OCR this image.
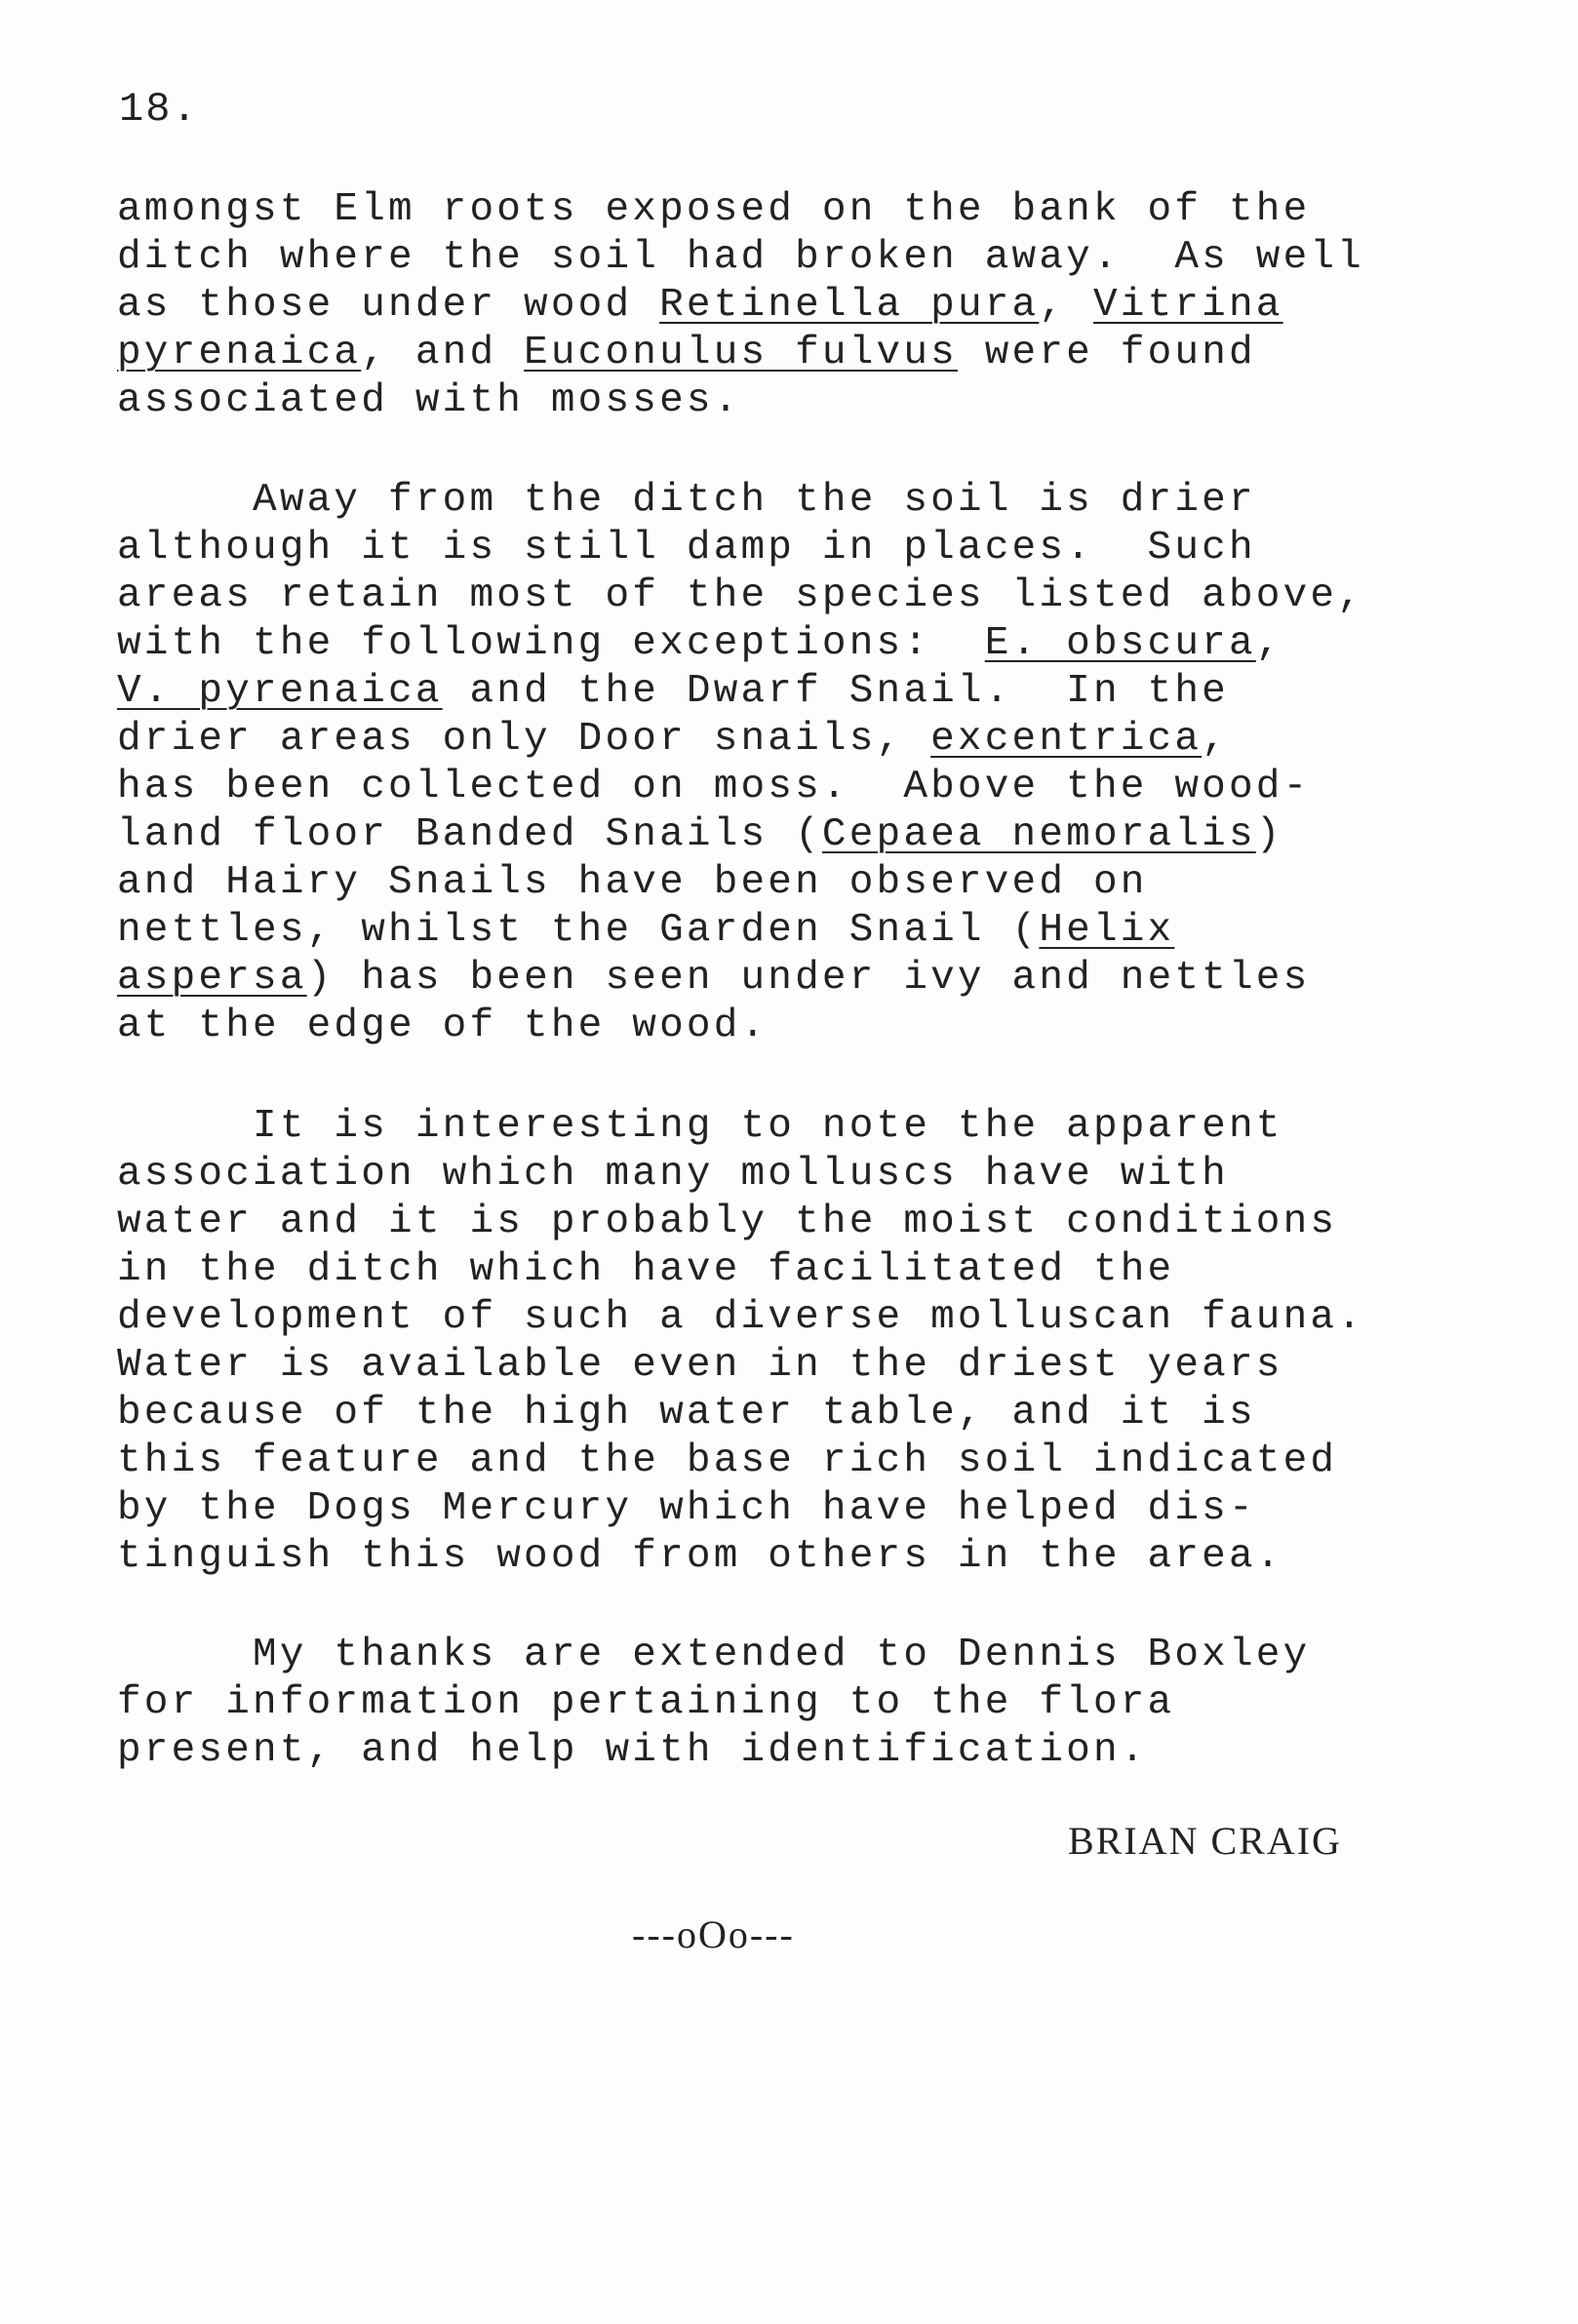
18.
amongst Elm roots exposed on the bank of the
ditch where the soil had broken away.  As well
as those under wood Retinella pura, Vitrina
pyrenaica, and Euconulus fulvus were found
associated with mosses.
Away from the ditch the soil is drier
although it is still damp in places.  Such
areas retain most of the species listed above,
with the following exceptions:  E. obscura,
V. pyrenaica and the Dwarf Snail.  In the
drier areas only Door snails, excentrica,
has been collected on moss.  Above the wood-
land floor Banded Snails (Cepaea nemoralis)
and Hairy Snails have been observed on
nettles, whilst the Garden Snail (Helix
aspersa) has been seen under ivy and nettles
at the edge of the wood.
It is interesting to note the apparent
association which many molluscs have with
water and it is probably the moist conditions
in the ditch which have facilitated the
development of such a diverse molluscan fauna.
Water is available even in the driest years
because of the high water table, and it is
this feature and the base rich soil indicated
by the Dogs Mercury which have helped dis-
tinguish this wood from others in the area.
My thanks are extended to Dennis Boxley
for information pertaining to the flora
present, and help with identification.
BRIAN CRAIG
---oOo---
